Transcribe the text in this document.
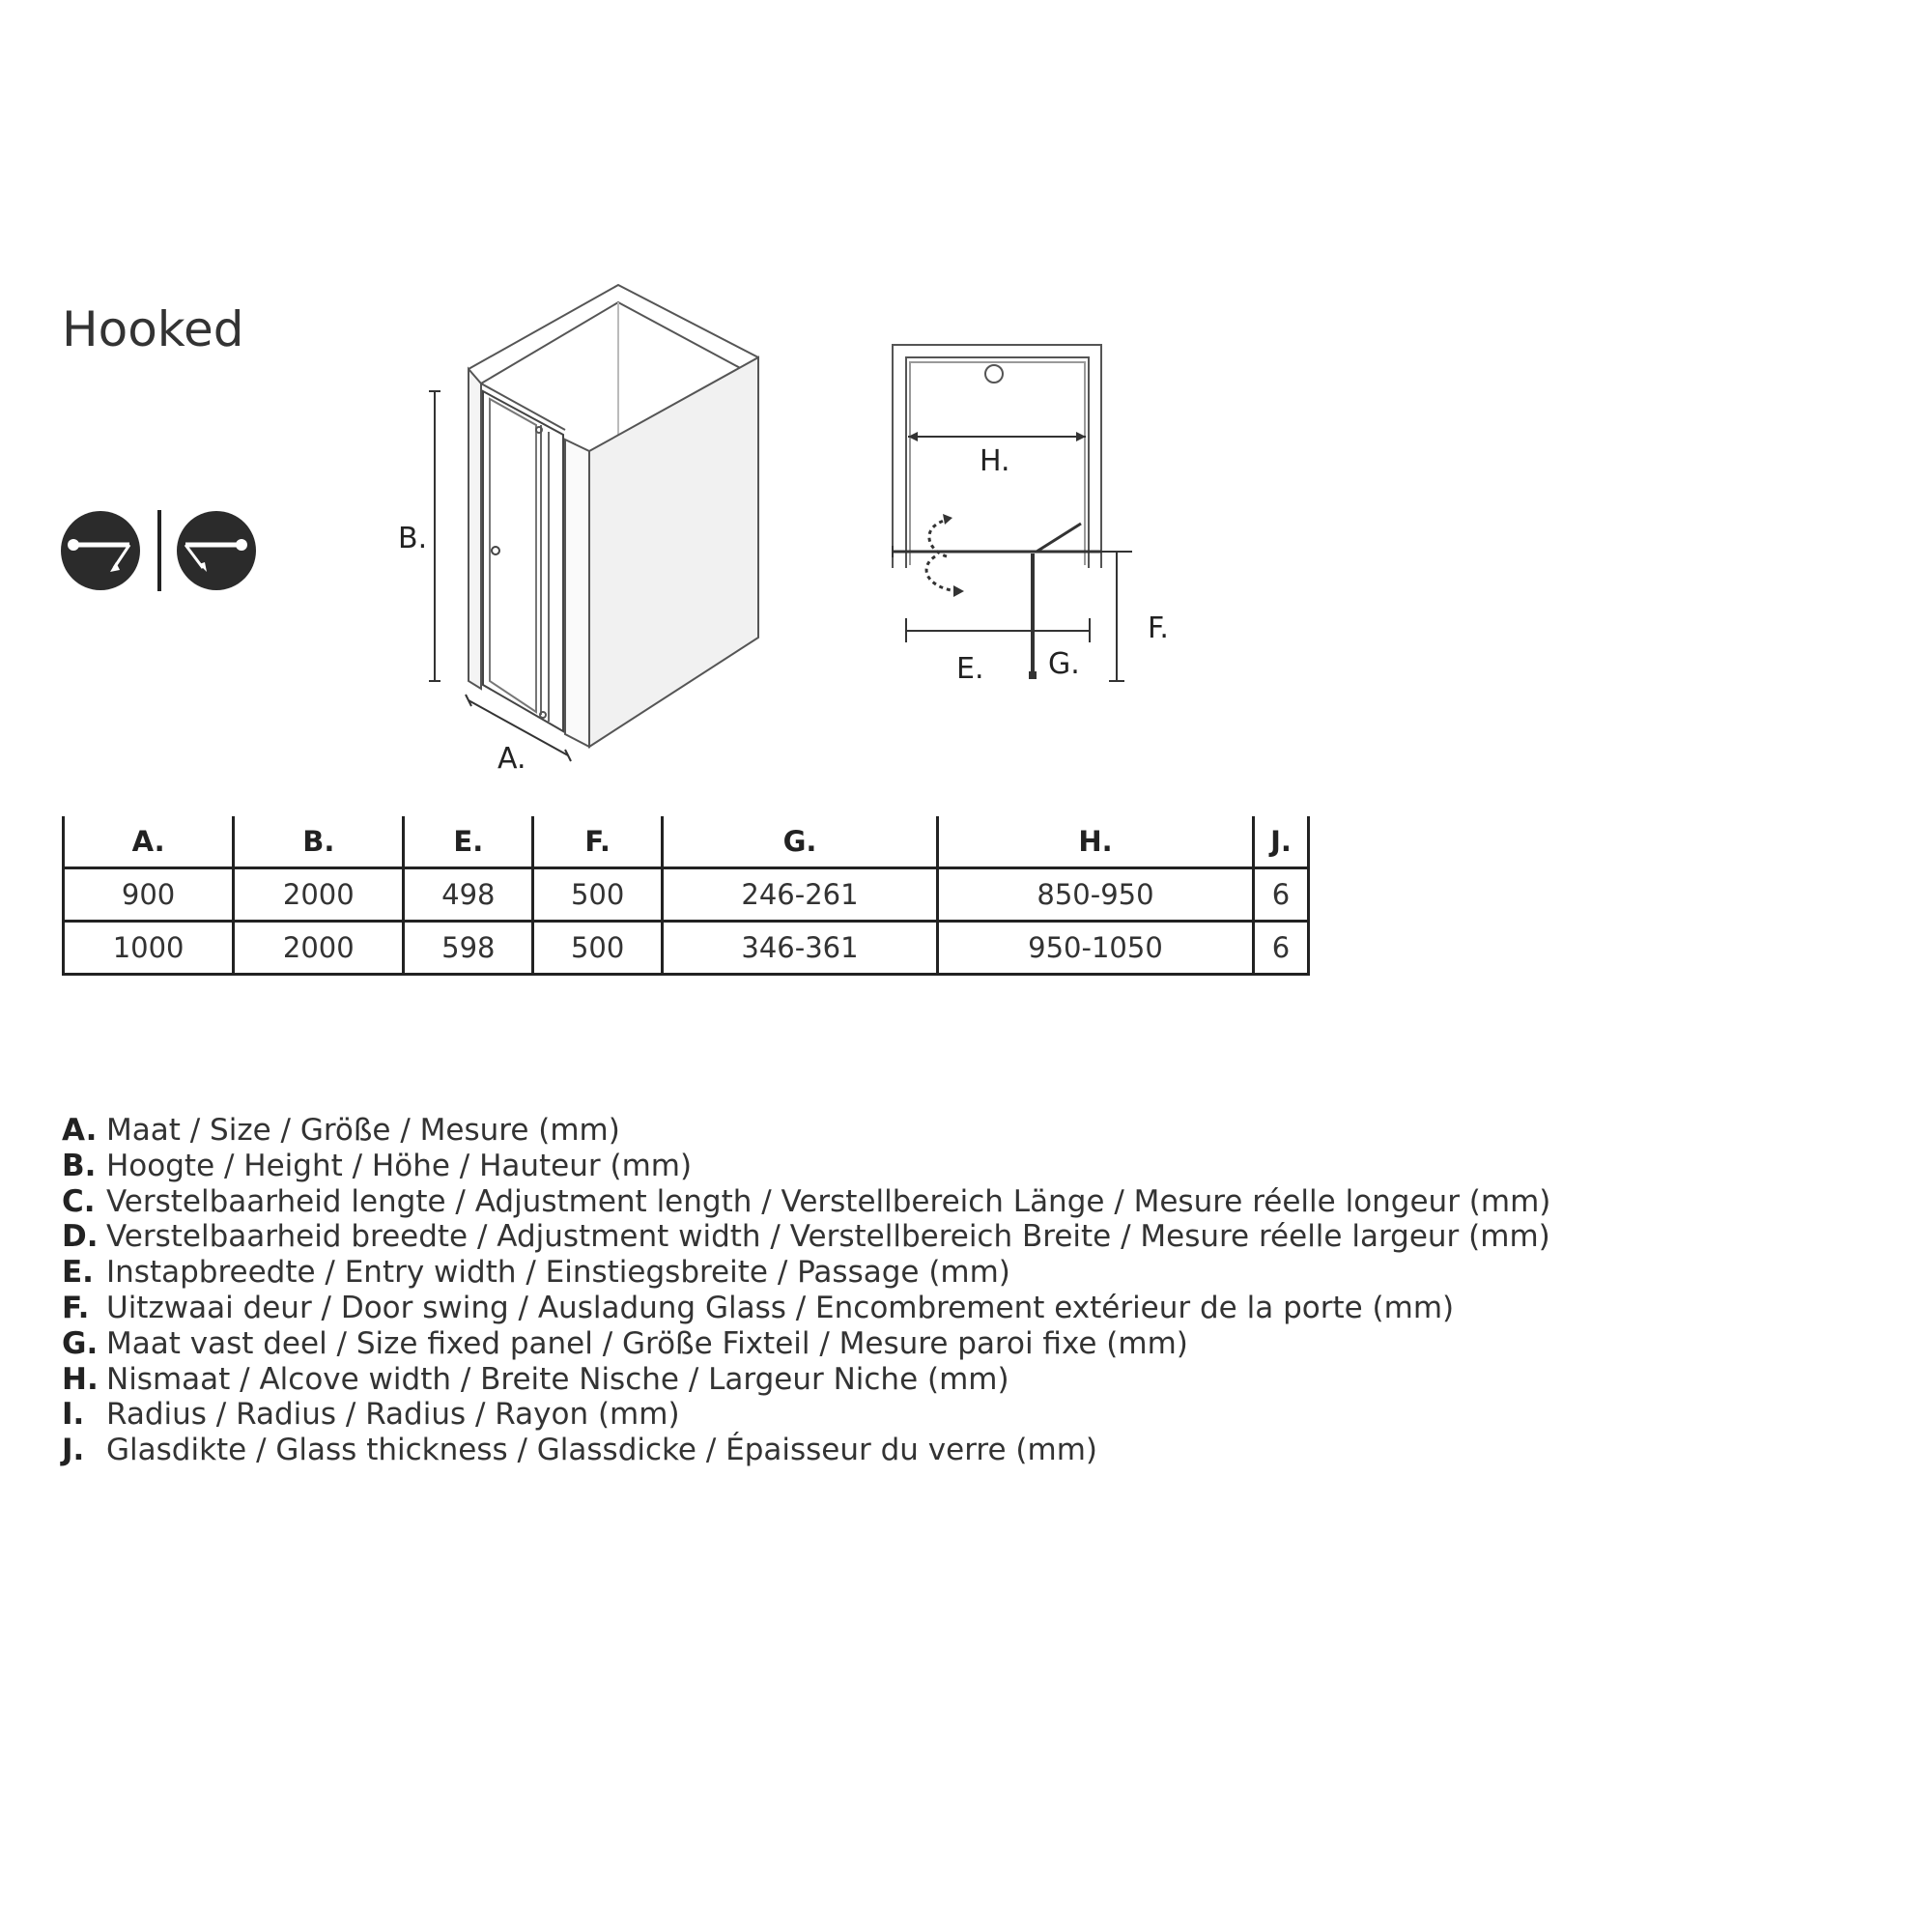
Hooked
B.
A.
H.
E. G.
F.
A.	B.	E.	F.	G.	H.	J.
900	2000	498	500	246-261	850-950	6
1000	2000	598	500	346-361	950-1050	6
A. Maat / Size / Größe / Mesure (mm)
B. Hoogte / Height / Höhe / Hauteur (mm)
C. Verstelbaarheid lengte / Adjustment length / Verstellbereich Länge / Mesure réelle longeur (mm)
D. Verstelbaarheid breedte / Adjustment width / Verstellbereich Breite / Mesure réelle largeur (mm)
E. Instapbreedte / Entry width / Einstiegsbreite / Passage (mm)
F. Uitzwaai deur / Door swing / Ausladung Glass / Encombrement extérieur de la porte (mm)
G. Maat vast deel / Size fixed panel / Größe Fixteil / Mesure paroi fixe (mm)
H. Nismaat / Alcove width / Breite Nische / Largeur Niche (mm)
I. Radius / Radius / Radius / Rayon (mm)
J. Glasdikte / Glass thickness / Glassdicke / Épaisseur du verre (mm)
